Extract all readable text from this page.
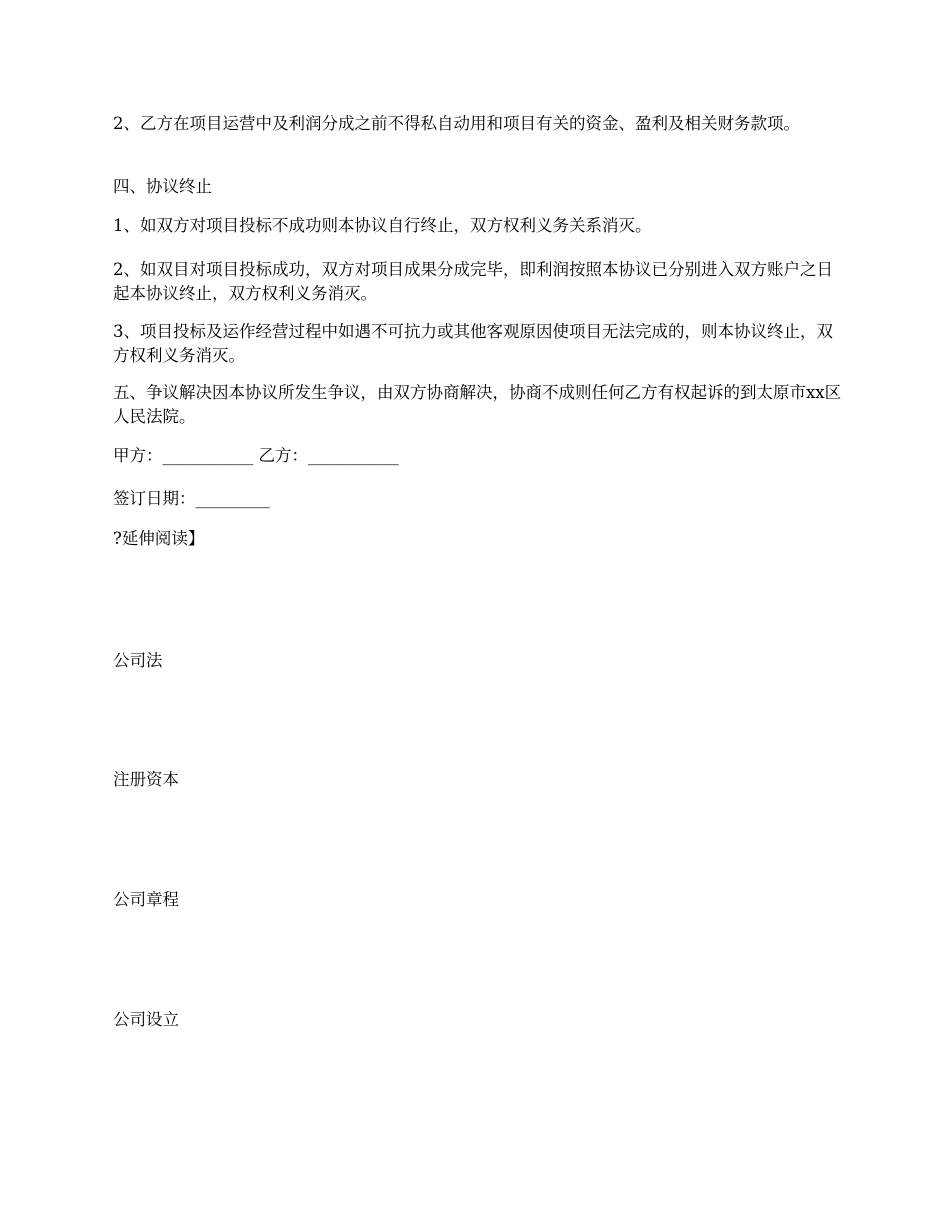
2、乙方在项目运营中及利润分成之前不得私自动用和项目有关的资金、盈利及相关财务款项。

四、协议终止

1、如双方对项目投标不成功则本协议自行终止，双方权利义务关系消灭。

2、如双目对项目投标成功，双方对项目成果分成完毕，即利润按照本协议已分别进入双方账户之日起本协议终止，双方权利义务消灭。

3、项目投标及运作经营过程中如遇不可抗力或其他客观原因使项目无法完成的，则本协议终止，双方权利义务消灭。

五、争议解决因本协议所发生争议，由双方协商解决，协商不成则任何乙方有权起诉的到太原市xx区人民法院。

甲方：___________ 乙方：___________

签订日期：_________

?延伸阅读】

公司法

注册资本

公司章程

公司设立
